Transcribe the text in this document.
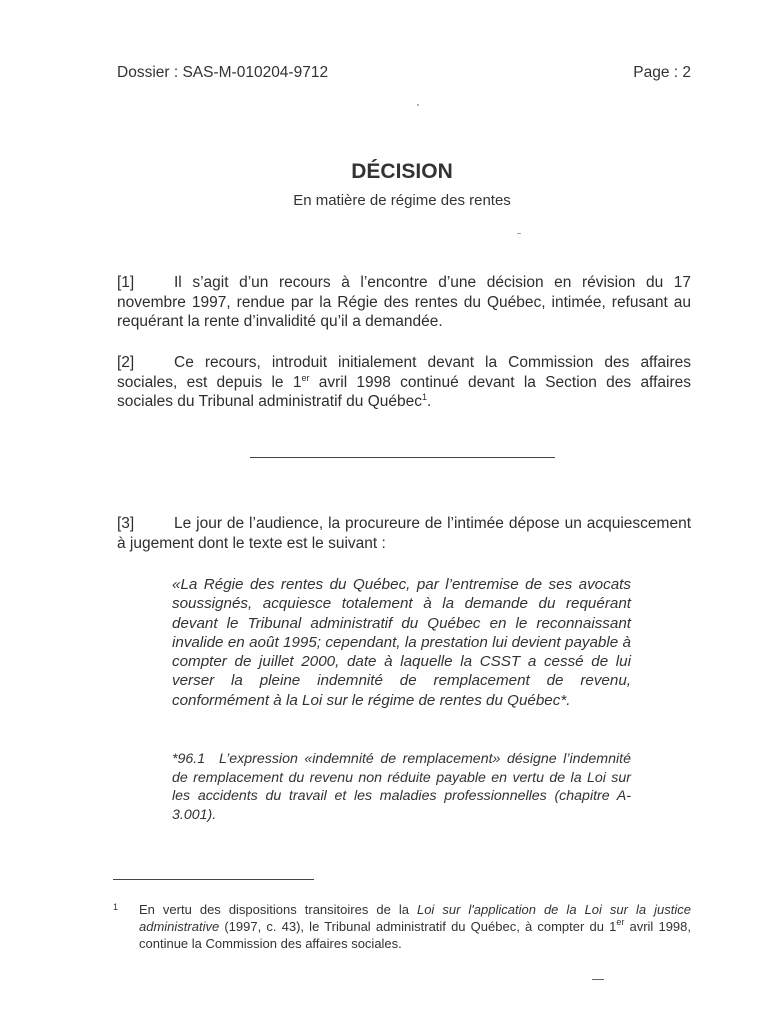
Dossier : SAS-M-010204-9712	Page : 2
DÉCISION
En matière de régime des rentes
[1]	Il s’agit d’un recours à l’encontre d’une décision en révision du 17 novembre 1997, rendue par la Régie des rentes du Québec, intimée, refusant au requérant la rente d’invalidité qu’il a demandée.
[2]	Ce recours, introduit initialement devant la Commission des affaires sociales, est depuis le 1er avril 1998 continué devant la Section des affaires sociales du Tribunal administratif du Québec$^1$.
[3]	Le jour de l’audience, la procureure de l’intimée dépose un acquiescement à jugement dont le texte est le suivant :
«La Régie des rentes du Québec, par l’entremise de ses avocats soussignés, acquiesce totalement à la demande du requérant devant le Tribunal administratif du Québec en le reconnaissant invalide en août 1995; cependant, la prestation lui devient payable à compter de juillet 2000, date à laquelle la CSST a cessé de lui verser la pleine indemnité de remplacement de revenu, conformément à la Loi sur le régime de rentes du Québec*.
*96.1 L’expression «indemnité de remplacement» désigne l’indemnité de remplacement du revenu non réduite payable en vertu de la Loi sur les accidents du travail et les maladies professionnelles (chapitre A-3.001).
1 En vertu des dispositions transitoires de la Loi sur l'application de la Loi sur la justice administrative (1997, c. 43), le Tribunal administratif du Québec, à compter du 1er avril 1998, continue la Commission des affaires sociales.
